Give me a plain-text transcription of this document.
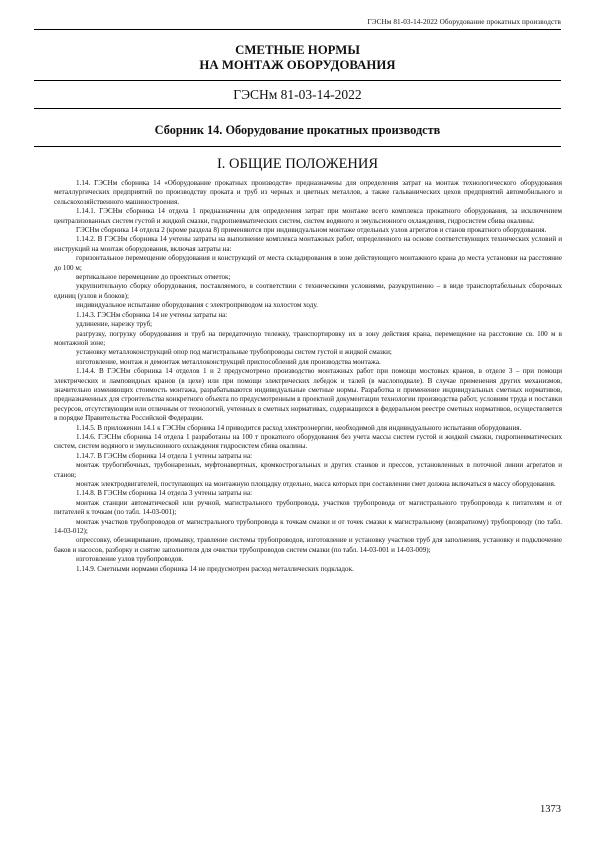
ГЭСНм 81-03-14-2022 Оборудование прокатных производств
СМЕТНЫЕ НОРМЫ
НА МОНТАЖ ОБОРУДОВАНИЯ
ГЭСНм 81-03-14-2022
Сборник 14. Оборудование прокатных производств
I. ОБЩИЕ ПОЛОЖЕНИЯ

1.14. ГЭСНм сборника 14 «Оборудование прокатных производств» предназначены для определения затрат на монтаж технологического оборудования металлургических предприятий по производству проката и труб из черных и цветных металлов, а также гальванических цехов предприятий автомобильного и сельскохозяйственного машиностроения.

1.14.1. ГЭСНм сборника 14 отдела 1 предназначены для определения затрат при монтаже всего комплекса прокатного оборудования, за исключением централизованных систем густой и жидкой смазки, гидропневматических систем, систем водяного и эмульсионного охлаждения, гидросистем сбива окалины.

ГЭСНм сборника 14 отдела 2 (кроме раздела 8) применяются при индивидуальном монтаже отдельных узлов агрегатов и станов прокатного оборудования.

1.14.2. В ГЭСНм сборника 14 учтены затраты на выполнение комплекса монтажных работ, определенного на основе соответствующих технических условий и инструкций на монтаж оборудования, включая затраты на:

горизонтальное перемещение оборудования и конструкций от места складирования в зоне действующего монтажного крана до места установки на расстояние до 100 м;

вертикальное перемещение до проектных отметок;

укрупнительную сборку оборудования, поставляемого, в соответствии с техническими условиями, разукрупненно – в виде транспортабельных сборочных единиц (узлов и блоков);

индивидуальное испытание оборудования с электроприводом на холостом ходу.

1.14.3. ГЭСНм сборника 14 не учтены затраты на:

удлинение, нарезку труб;

разгрузку, погрузку оборудования и труб на передаточную тележку, транспортировку их в зону действия крана, перемещение на расстояние св. 100 м в монтажной зоне;

установку металлоконструкций опор под магистральные трубопроводы систем густой и жидкой смазки;

изготовление, монтаж и демонтаж металлоконструкций приспособлений для производства монтажа.

1.14.4. В ГЭСНм сборника 14 отделов 1 и 2 предусмотрено производство монтажных работ при помощи мостовых кранов, в отделе 3 – при помощи электрических и ламповидных кранов (в цехе) или при помощи электрических лебедок и талей (в маслоподвале). В случае применения других механизмов, значительно изменяющих стоимость монтажа, разрабатываются индивидуальные сметные нормы. Разработка и применение индивидуальных сметных нормативов, предназначенных для строительства конкретного объекта по предусмотренным в проектной документации технологии производства работ, условиям труда и поставки ресурсов, отсутствующим или отличным от технологий, учтенных в сметных нормативах, содержащихся в федеральном реестре сметных нормативов, осуществляется в порядке Правительства Российской Федерации.

1.14.5. В приложении 14.1 к ГЭСНм сборника 14 приводится расход электроэнергии, необходимой для индивидуального испытания оборудования.

1.14.6. ГЭСНм сборника 14 отдела 1 разработаны на 100 т прокатного оборудования без учета массы систем густой и жидкой смазки, гидропневматических систем, систем водяного и эмульсионного охлаждения гидросистем сбива окалины.

1.14.7. В ГЭСНм сборника 14 отдела 1 учтены затраты на:

монтаж трубогибочных, трубонарезных, муфтонавертных, кромкострогальных и других станков и прессов, установленных в поточной линии агрегатов и станов;

монтаж электродвигателей, поступающих на монтажную площадку отдельно, масса которых при составлении смет должна включаться в массу оборудования.

1.14.8. В ГЭСНм сборника 14 отдела 3 учтены затраты на:

монтаж станции автоматической или ручной, магистрального трубопровода, участков трубопровода от магистрального трубопровода к питателям и от питателей к точкам (по табл. 14-03-001);

монтаж участков трубопроводов от магистрального трубопровода к точкам смазки и от точек смазки к магистральному (возвратному) трубопроводу (по табл. 14-03-012);

опрессовку, обезжиривание, промывку, травление системы трубопроводов, изготовление и установку участков труб для заполнения, установку и подключение баков и насосов, разборку и снятие заполнителя для очистки трубопроводов систем смазки (по табл. 14-03-001 и 14-03-009);

изготовление узлов трубопроводов.

1.14.9. Сметными нормами сборника 14 не предусмотрен расход металлических подкладок.

1373
